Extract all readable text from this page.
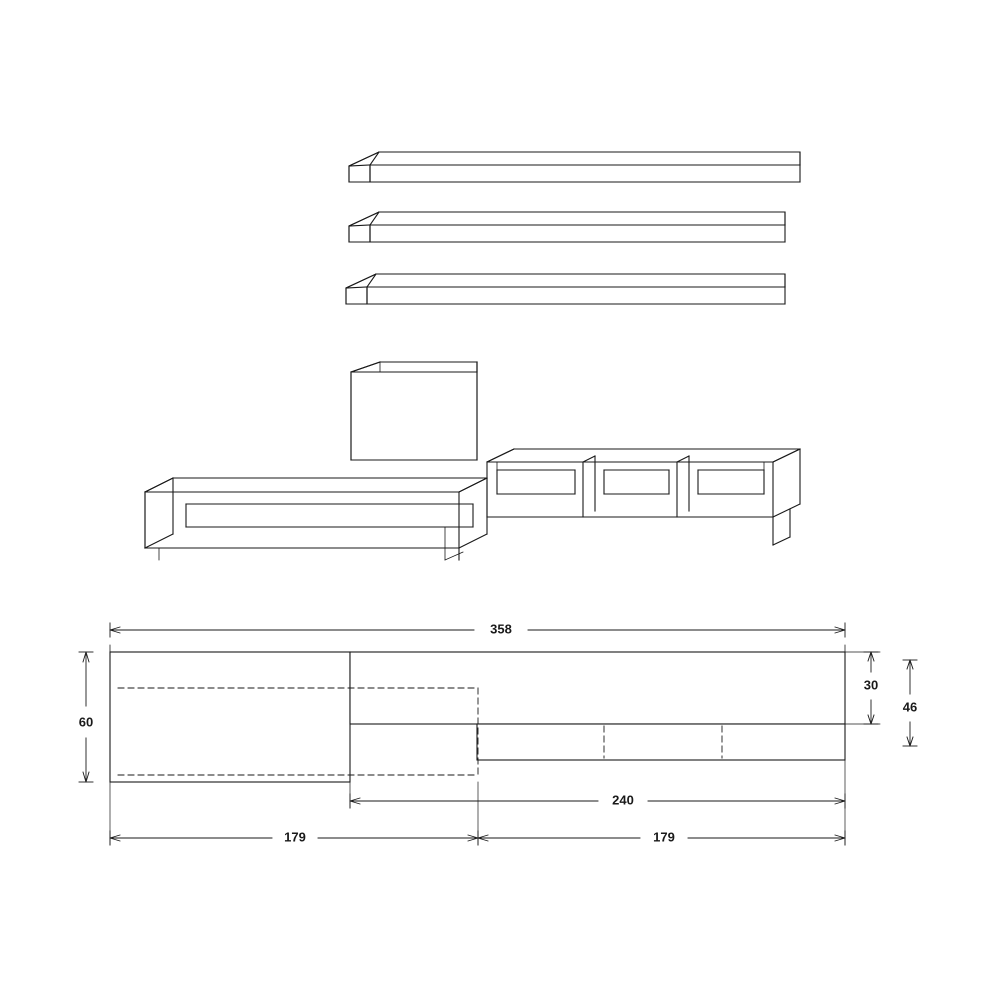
358
60
30
46
240
179	179
